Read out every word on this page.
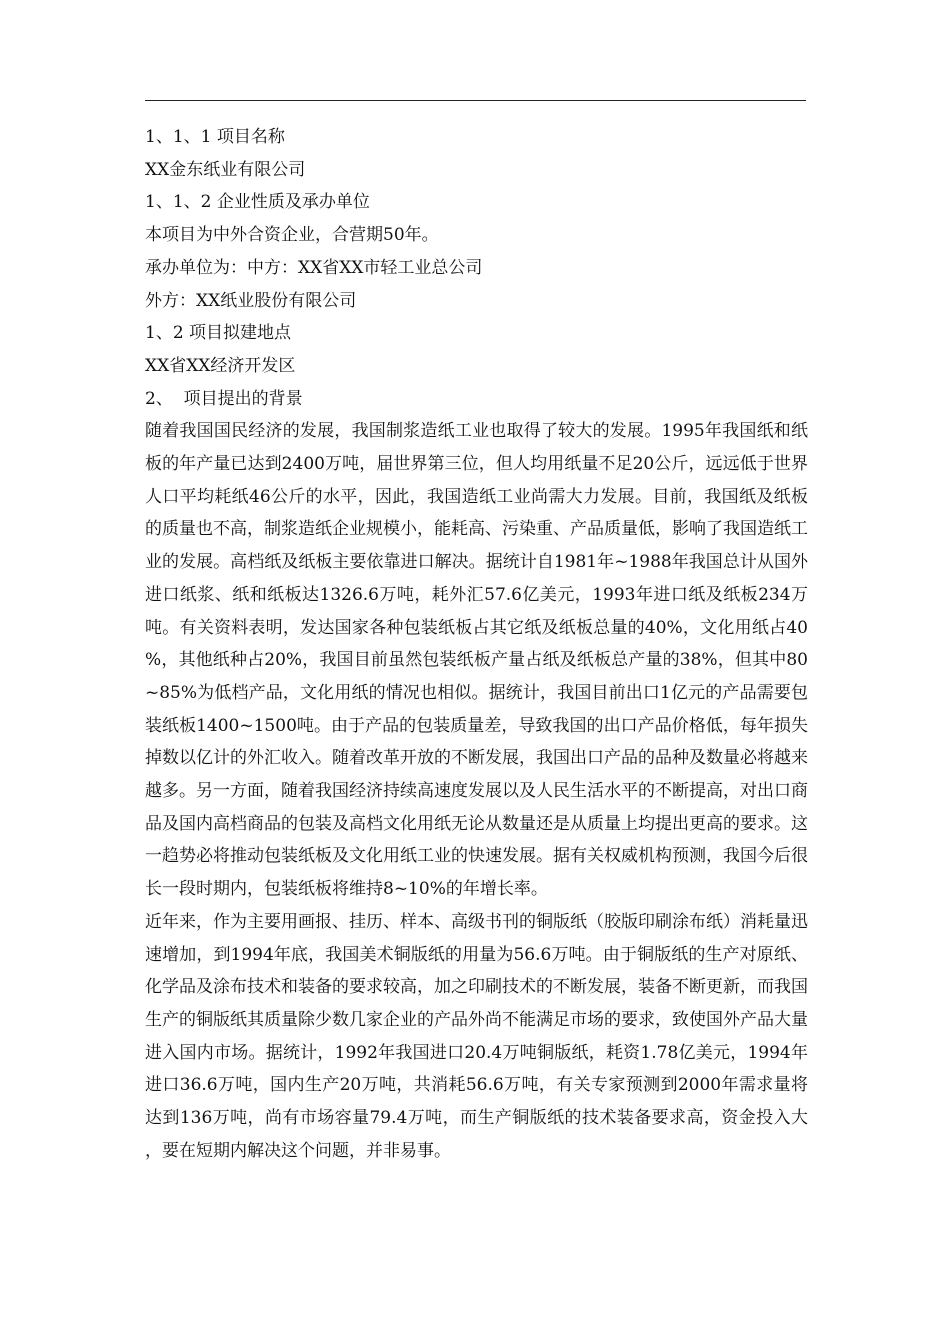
1、1、1 项目名称
XX金东纸业有限公司
1、1、2 企业性质及承办单位
本项目为中外合资企业，合营期50年。
承办单位为：中方：XX省XX市轻工业总公司
外方：XX纸业股份有限公司
1、2 项目拟建地点
XX省XX经济开发区
2、  项目提出的背景

随着我国国民经济的发展，我国制浆造纸工业也取得了较大的发展。1995年我国纸和纸板的年产量已达到2400万吨，届世界第三位，但人均用纸量不足20公斤，远远低于世界人口平均耗纸46公斤的水平，因此，我国造纸工业尚需大力发展。目前，我国纸及纸板的质量也不高，制浆造纸企业规模小，能耗高、污染重、产品质量低，影响了我国造纸工业的发展。高档纸及纸板主要依靠进口解决。据统计自1981年~1988年我国总计从国外进口纸浆、纸和纸板达1326.6万吨，耗外汇57.6亿美元，1993年进口纸及纸板234万吨。有关资料表明，发达国家各种包装纸板占其它纸及纸板总量的40%，文化用纸占40%，其他纸种占20%，我国目前虽然包装纸板产量占纸及纸板总产量的38%，但其中80~85%为低档产品，文化用纸的情况也相似。据统计，我国目前出口1亿元的产品需要包装纸板1400~1500吨。由于产品的包装质量差，导致我国的出口产品价格低，每年损失掉数以亿计的外汇收入。随着改革开放的不断发展，我国出口产品的品种及数量必将越来越多。另一方面，随着我国经济持续高速度发展以及人民生活水平的不断提高，对出口商品及国内高档商品的包装及高档文化用纸无论从数量还是从质量上均提出更高的要求。这一趋势必将推动包装纸板及文化用纸工业的快速发展。据有关权威机构预测，我国今后很长一段时期内，包装纸板将维持8~10%的年增长率。

近年来，作为主要用画报、挂历、样本、高级书刊的铜版纸（胶版印刷涂布纸）消耗量迅速增加，到1994年底，我国美术铜版纸的用量为56.6万吨。由于铜版纸的生产对原纸、化学品及涂布技术和装备的要求较高，加之印刷技术的不断发展，装备不断更新，而我国生产的铜版纸其质量除少数几家企业的产品外尚不能满足市场的要求，致使国外产品大量进入国内市场。据统计，1992年我国进口20.4万吨铜版纸，耗资1.78亿美元，1994年进口36.6万吨，国内生产20万吨，共消耗56.6万吨，有关专家预测到2000年需求量将达到136万吨，尚有市场容量79.4万吨，而生产铜版纸的技术装备要求高，资金投入大，要在短期内解决这个问题，并非易事。
